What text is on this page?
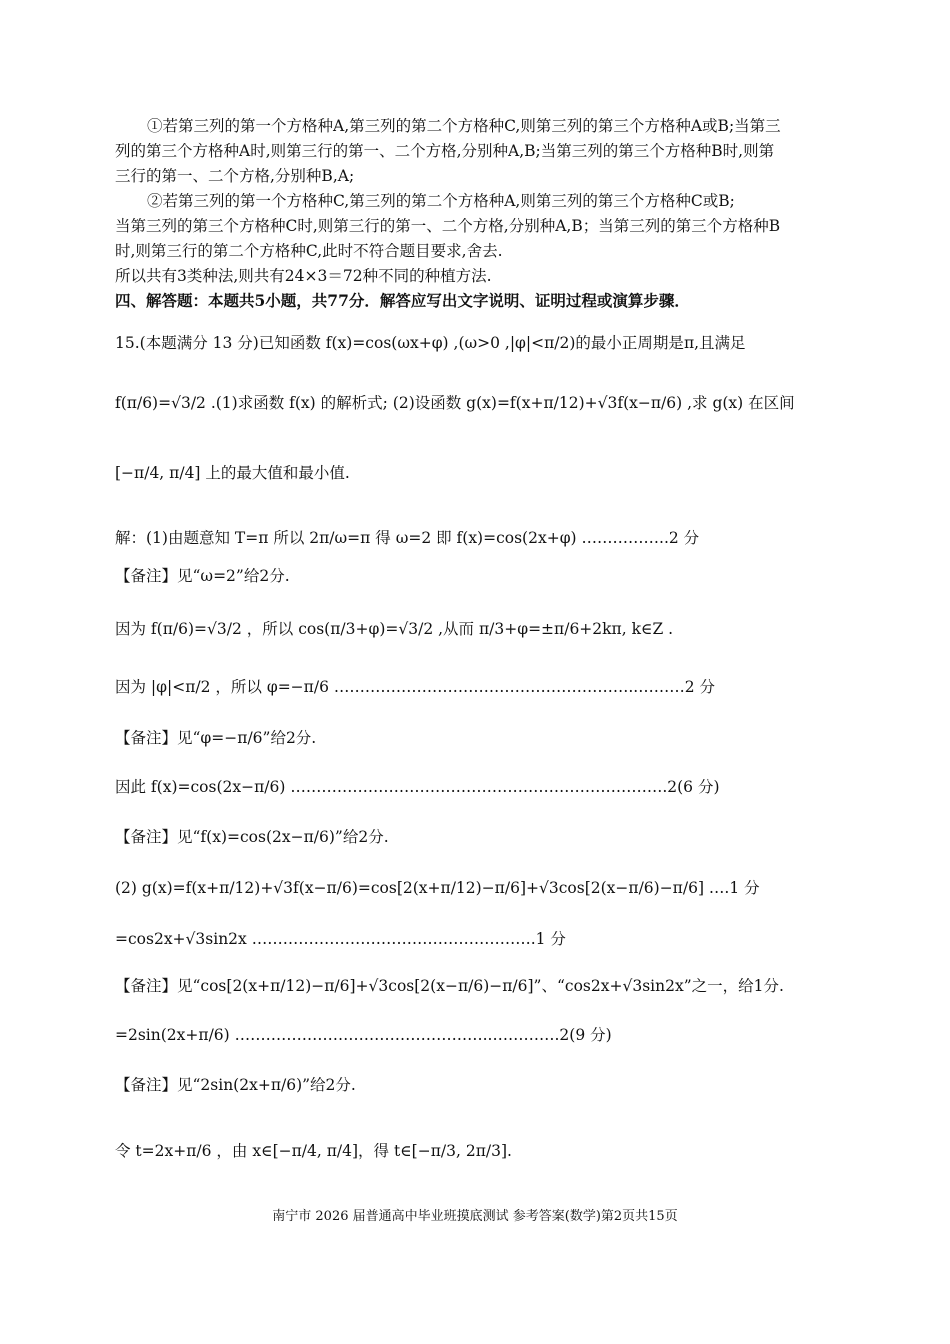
①若第三列的第一个方格种A,第三列的第二个方格种C,则第三列的第三个方格种A或B;当第三
列的第三个方格种A时,则第三行的第一、二个方格,分别种A,B;当第三列的第三个方格种B时,则第
三行的第一、二个方格,分别种B,A;
②若第三列的第一个方格种C,第三列的第二个方格种A,则第三列的第三个方格种C或B;
当第三列的第三个方格种C时,则第三行的第一、二个方格,分别种A,B；当第三列的第三个方格种B
时,则第三行的第二个方格种C,此时不符合题目要求,舍去.
所以共有3类种法,则共有24×3＝72种不同的种植方法.
四、解答题：本题共5小题，共77分．解答应写出文字说明、证明过程或演算步骤．
15.(本题满分 13 分)已知函数 f(x)=cos(ωx+φ) ,(ω>0 ,|φ|<π/2)的最小正周期是π,且满足
f(π/6)=√3/2 .(1)求函数 f(x) 的解析式; (2)设函数 g(x)=f(x+π/12)+√3f(x−π/6) ,求 g(x) 在区间
[−π/4, π/4] 上的最大值和最小值.
解：(1)由题意知 T=π 所以 2π/ω=π 得 ω=2 即 f(x)=cos(2x+φ) ……………..2 分
【备注】见“ω=2”给2分.
因为 f(π/6)=√3/2 ，所以 cos(π/3+φ)=√3/2 ,从而 π/3+φ=±π/6+2kπ, k∈Z .
因为 |φ|<π/2 ，所以 φ=−π/6 …………………………………………………..………2 分
【备注】见“φ=−π/6”给2分.
因此 f(x)=cos(2x−π/6) ……………………………………………………………….2(6 分)
【备注】见“f(x)=cos(2x−π/6)”给2分.
(2) g(x)=f(x+π/12)+√3f(x−π/6)=cos[2(x+π/12)−π/6]+√3cos[2(x−π/6)−π/6] ….1 分
=cos2x+√3sin2x ……………………………………………….1 分
【备注】见“cos[2(x+π/12)−π/6]+√3cos[2(x−π/6)−π/6]”、“cos2x+√3sin2x”之一，给1分.
=2sin(2x+π/6) …………………………………………..………….2(9 分)
【备注】见“2sin(2x+π/6)”给2分.
令 t=2x+π/6 ，由 x∈[−π/4, π/4]，得 t∈[−π/3, 2π/3].
南宁市 2026 届普通高中毕业班摸底测试 参考答案(数学)第2页共15页
